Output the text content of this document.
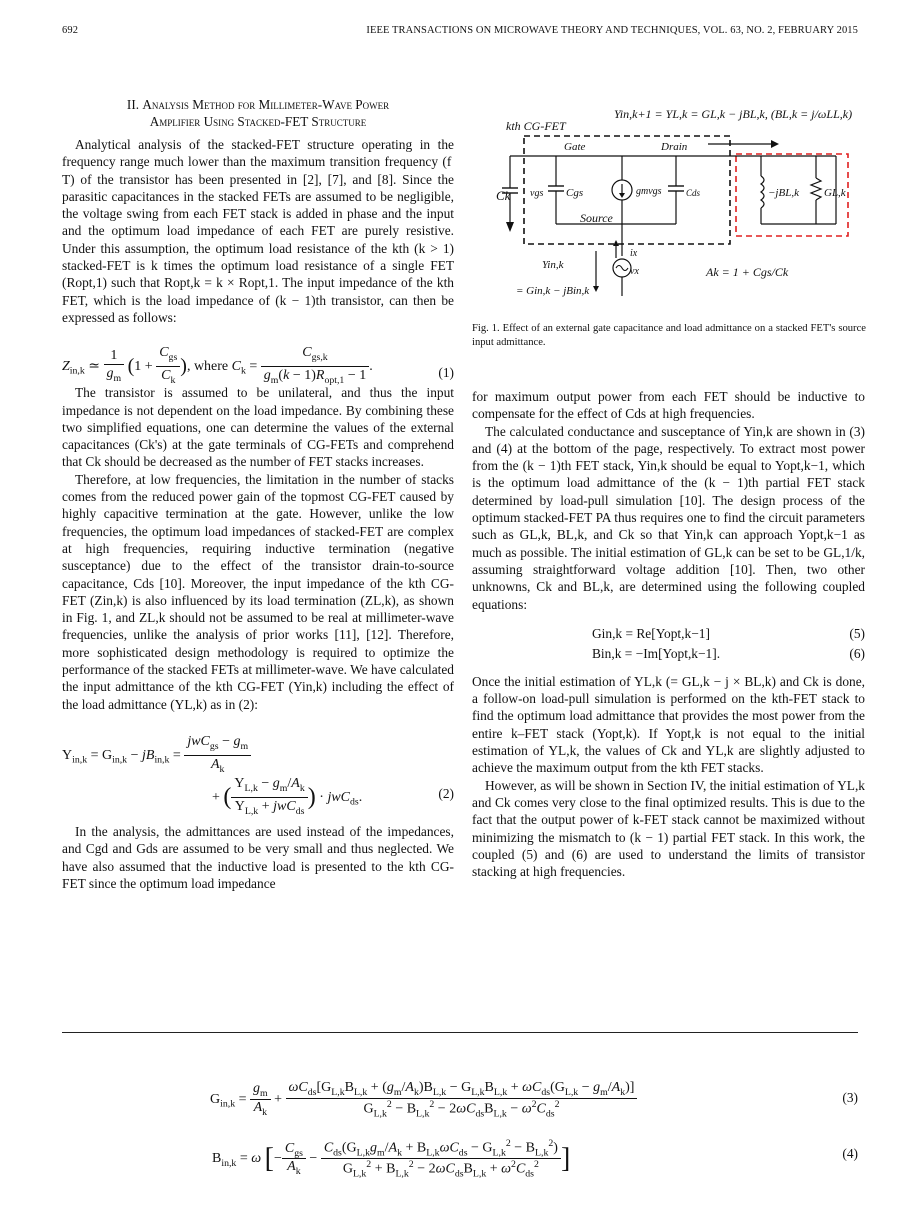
692	IEEE TRANSACTIONS ON MICROWAVE THEORY AND TECHNIQUES, VOL. 63, NO. 2, FEBRUARY 2015
II. Analysis Method for Millimeter-Wave Power
Amplifier Using Stacked-FET Structure

Analytical analysis of the stacked-FET structure operating in the frequency range much lower than the maximum transition frequency (f T) of the transistor has been presented in [2], [7], and [8]. Since the parasitic capacitances in the stacked FETs are assumed to be negligible, the voltage swing from each FET stack is added in phase and the input and the optimum load impedance of each FET are purely resistive. Under this assumption, the optimum load resistance of the kth (k > 1) stacked-FET is k times the optimum load resistance of a single FET (Ropt,1) such that Ropt,k = k × Ropt,1. The input impedance of the kth FET, which is the load impedance of (k − 1)th transistor, can then be expressed as follows:

$Z_{in,k}$ ≃ $\frac{1}{g_m} (1 + \frac{C_{gs}}{C_k}$ ), where $C_k = \frac{C_{gs,k}}{g_m(k - 1)R_{opt,1} - 1}$ .	(1)

The transistor is assumed to be unilateral, and thus the input impedance is not dependent on the load impedance. By combining these two simplified equations, one can determine the values of the external capacitances (Ck's) at the gate terminals of CG-FETs and comprehend that Ck should be decreased as the number of FET stacks increases.

Therefore, at low frequencies, the limitation in the number of stacks comes from the reduced power gain of the topmost CG-FET caused by highly capacitive termination at the gate. However, unlike the low frequencies, the optimum load impedances of stacked-FET are complex at high frequencies, requiring inductive termination (negative susceptance) due to the effect of the transistor drain-to-source capacitance, Cds [10]. Moreover, the input impedance of the kth CG-FET (Zin,k) is also influenced by its load termination (ZL,k), as shown in Fig. 1, and ZL,k should not be assumed to be real at millimeter-wave frequencies, unlike the analysis of prior works [11], [12]. Therefore, more sophisticated design methodology is required to optimize the performance of the stacked FETs at millimeter-wave. We have calculated the input admittance of the kth CG-FET (Yin,k) including the effect of the load admittance (YL,k) as in (2):

$Y_{in,k} = G_{in,k} - jB_{in,k} = \frac{jwC_{gs} - g_m}{A_k}$
+ ( $\frac{Y_{L,k} - g_m/A_k}{Y_{L,k} + jwC_{ds}}$ ) · jwC$_{ds}$.	(2)

In the analysis, the admittances are used instead of the impedances, and Cgd and Gds are assumed to be very small and thus neglected. We have also assumed that the inductive load is presented to the kth CG-FET since the optimum load impedance

kth CG-FET
Yin,k+1 = YL,k = GL,k − jBL,k, (BL,k = j/ωLL,k)
Gate	Drain
Source
Ck vgs Cgs	gmvgs	Cds	−jBL,k GL,k
Yin,k
= Gin,k − jBin,k
ix
vx	Ak = 1 + Cgs/Ck
Fig. 1. Effect of an external gate capacitance and load admittance on a stacked FET's source input admittance.

for maximum output power from each FET should be inductive to compensate for the effect of Cds at high frequencies.

The calculated conductance and susceptance of Yin,k are shown in (3) and (4) at the bottom of the page, respectively. To extract most power from the (k − 1)th FET stack, Yin,k should be equal to Yopt,k−1, which is the optimum load admittance of the (k − 1)th partial FET stack determined by load-pull simulation [10]. The design process of the optimum stacked-FET PA thus requires one to find the circuit parameters such as GL,k, BL,k, and Ck so that Yin,k can approach Yopt,k−1 as much as possible. The initial estimation of GL,k can be set to be GL,1/k, assuming straightforward voltage addition [10]. Then, two other unknowns, Ck and BL,k, are determined using the following coupled equations:

Gin,k = Re[Yopt,k−1]	(5)
Bin,k = −Im[Yopt,k−1].	(6)

Once the initial estimation of YL,k (= GL,k − j × BL,k) and Ck is done, a follow-on load-pull simulation is performed on the kth-FET stack to find the optimum load admittance that provides the most power from the entire k–FET stack (Yopt,k). If Yopt,k is not equal to the initial estimation of YL,k, the values of Ck and YL,k are slightly adjusted to achieve the maximum output from the kth FET stacks.

However, as will be shown in Section IV, the initial estimation of YL,k and Ck comes very close to the final optimized results. This is due to the fact that the output power of k-FET stack cannot be maximized without minimizing the mismatch to (k − 1) partial FET stack. In this work, the coupled (5) and (6) are used to understand the limits of transistor stacking at high frequencies.

$G_{in,k} = \frac{g_m}{A_k} + \frac{\omega C_{ds}[G_{L,k}B_{L,k} + (g_m/A_k)B_{L,k} - G_{L,k}B_{L,k} + \omega C_{ds}(G_{L,k} - g_m/A_k)]}{G_{L,k}^2 - B_{L,k}^2 - 2\omega C_{ds}B_{L,k} - \omega^2C_{ds}^2}$	(3)
$B_{in,k} = \omega$ [− $\frac{C_{gs}}{A_k} - \frac{C_{ds}(G_{L,k}g_m/A_k + B_{L,k}\omega C_{ds} - G_{L,k}^2 - B_{L,k}^2)}{G_{L,k}^2 + B_{L,k}^2 - 2\omega C_{ds}B_{L,k} + \omega^2C_{ds}^2}$ ]	(4)
